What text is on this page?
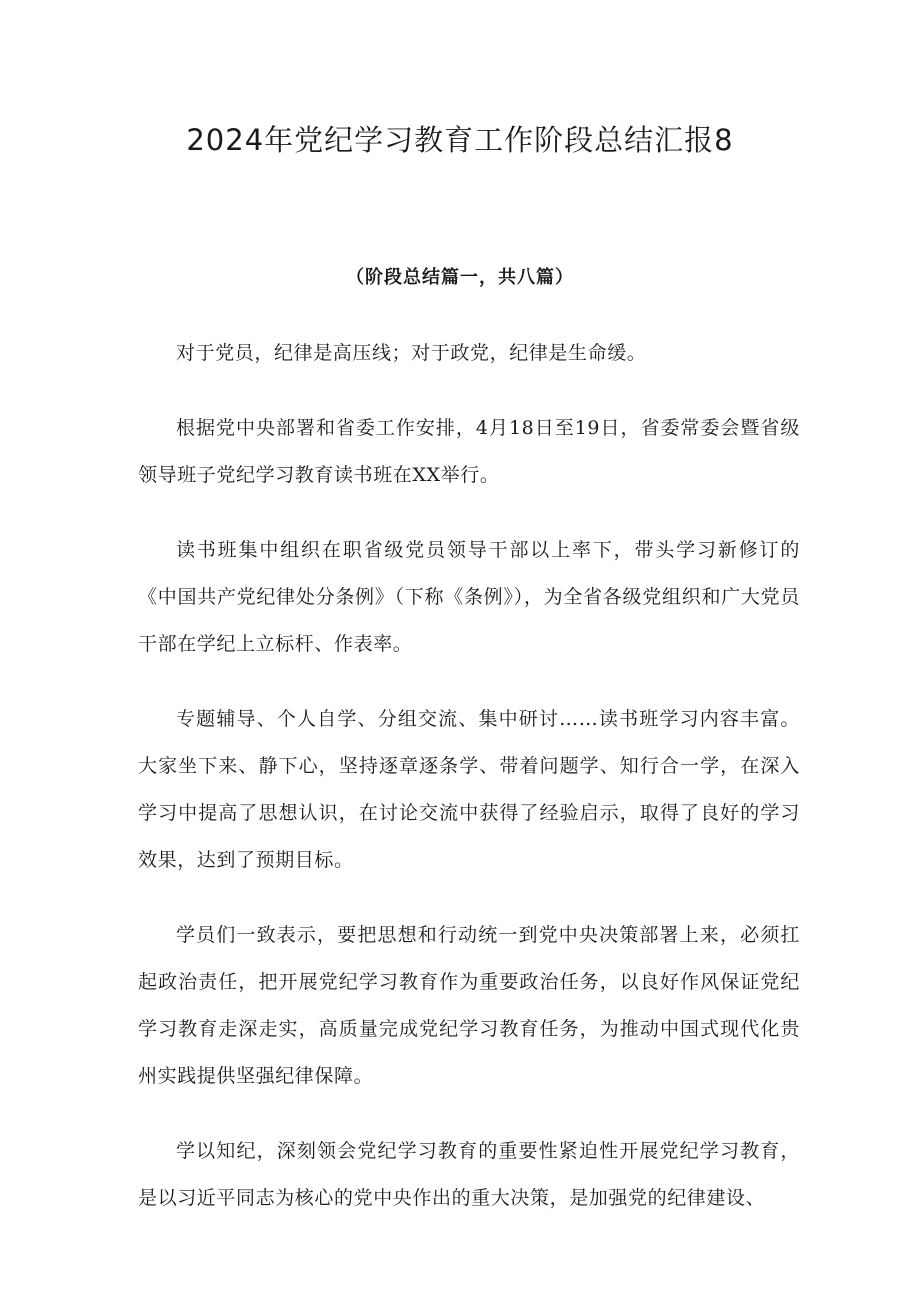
2024年党纪学习教育工作阶段总结汇报8

（阶段总结篇一，共八篇）

对于党员，纪律是高压线；对于政党，纪律是生命缓。

根据党中央部署和省委工作安排，4月18日至19日，省委常委会暨省级领导班子党纪学习教育读书班在XX举行。

读书班集中组织在职省级党员领导干部以上率下，带头学习新修订的《中国共产党纪律处分条例》（下称《条例》），为全省各级党组织和广大党员干部在学纪上立标杆、作表率。

专题辅导、个人自学、分组交流、集中研讨……读书班学习内容丰富。大家坐下来、静下心，坚持逐章逐条学、带着问题学、知行合一学，在深入学习中提高了思想认识，在讨论交流中获得了经验启示，取得了良好的学习效果，达到了预期目标。

学员们一致表示，要把思想和行动统一到党中央决策部署上来，必须扛起政治责任，把开展党纪学习教育作为重要政治任务，以良好作风保证党纪学习教育走深走实，高质量完成党纪学习教育任务，为推动中国式现代化贵州实践提供坚强纪律保障。

学以知纪，深刻领会党纪学习教育的重要性紧迫性开展党纪学习教育，是以习近平同志为核心的党中央作出的重大决策，是加强党的纪律建设、
